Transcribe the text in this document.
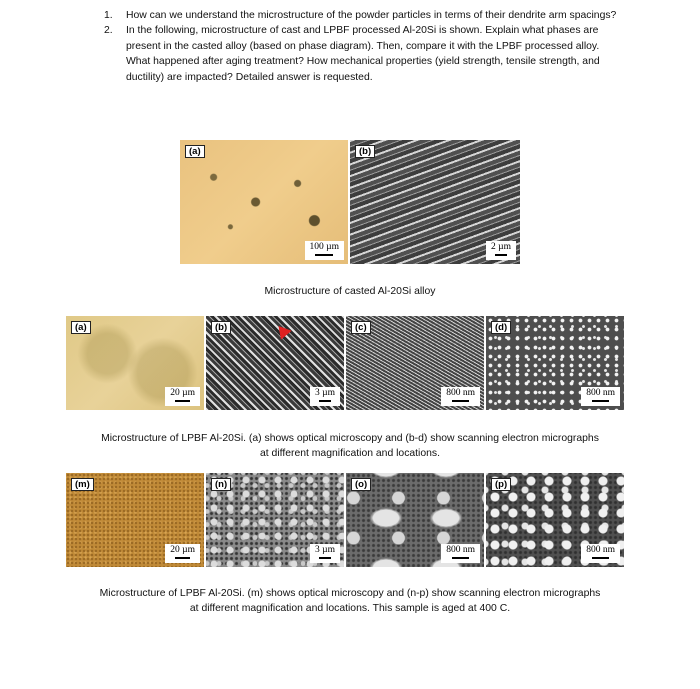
1.	How can we understand the microstructure of the powder particles in terms of their dendrite arm spacings?
2.	In the following, microstructure of cast and LPBF processed Al-20Si is shown. Explain what phases are present in the casted alloy (based on phase diagram). Then, compare it with the LPBF processed alloy. What happened after aging treatment? How mechanical properties (yield strength, tensile strength, and ductility) are impacted? Detailed answer is requested.
(a)
100 µm
(b)
2 µm
Microstructure of casted Al-20Si alloy
(a)
20 µm
(b)
3 µm
(c)
800 nm
(d)
800 nm
Microstructure of LPBF Al-20Si. (a) shows optical microscopy and (b-d) show scanning electron micrographs
at different magnification and locations.
(m)
20 µm
(n)
3 µm
(o)
800 nm
(p)
800 nm
Microstructure of LPBF Al-20Si. (m) shows optical microscopy and (n-p) show scanning electron micrographs
at different magnification and locations. This sample is aged at 400 C.
